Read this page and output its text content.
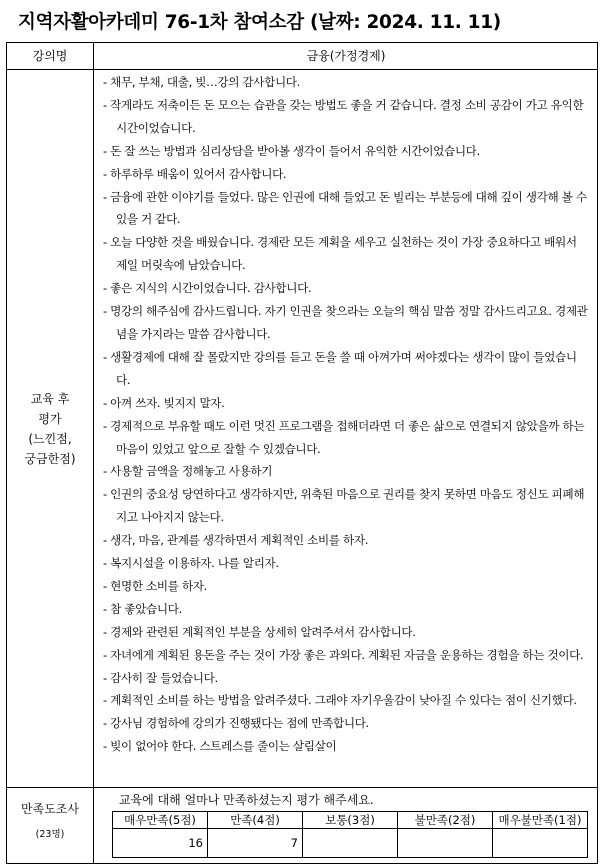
지역자활아카데미 76-1차 참여소감 (날짜: 2024. 11. 11)
강의명	금융(가정경제)
교육 후
평가
(느낀점,
궁금한점)
- 채무, 부채, 대출, 빚…강의 감사합니다.
- 작게라도 저축이든 돈 모으는 습관을 갖는 방법도 좋을 거 같습니다. 결정 소비 공감이 가고 유익한 시간이었습니다.
- 돈 잘 쓰는 방법과 심리상담을 받아볼 생각이 들어서 유익한 시간이었습니다.
- 하루하루 배움이 있어서 감사합니다.
- 금융에 관한 이야기를 들었다. 많은 인권에 대해 들었고 돈 빌리는 부분등에 대해 깊이 생각해 볼 수 있을 거 같다.
- 오늘 다양한 것을 배웠습니다. 경제란 모든 계획을 세우고 실천하는 것이 가장 중요하다고 배워서 제일 머릿속에 남았습니다.
- 좋은 지식의 시간이었습니다. 감사합니다.
- 명강의 해주심에 감사드립니다. 자기 인권을 찾으라는 오늘의 핵심 말씀 정말 감사드리고요. 경제관념을 가지라는 말씀 감사합니다.
- 생활경제에 대해 잘 몰랐지만 강의를 듣고 돈을 쓸 때 아껴가며 써야겠다는 생각이 많이 들었습니다.
- 아껴 쓰자. 빚지지 말자.
- 경제적으로 부유할 때도 이런 멋진 프로그램을 접해더라면 더 좋은 삶으로 연결되지 않았을까 하는 마음이 있었고 앞으로 잘할 수 있겠습니다.
- 사용할 금액을 정해놓고 사용하기
- 인권의 중요성 당연하다고 생각하지만, 위축된 마음으로 권리를 찾지 못하면 마음도 정신도 피폐해지고 나아지지 않는다.
- 생각, 마음, 관계를 생각하면서 계획적인 소비를 하자.
- 복지시설을 이용하자. 나를 알리자.
- 현명한 소비를 하자.
- 참 좋았습니다.
- 경제와 관련된 계획적인 부분을 상세히 알려주셔서 감사합니다.
- 자녀에게 계획된 용돈을 주는 것이 가장 좋은 과외다. 계획된 자금을 운용하는 경험을 하는 것이다.
- 감사히 잘 들었습니다.
- 계획적인 소비를 하는 방법을 알려주셨다. 그래야 자기우울감이 낮아질 수 있다는 점이 신기했다.
- 강사님 경험하에 강의가 진행됐다는 점에 만족합니다.
- 빚이 없어야 한다. 스트레스를 줄이는 살림살이
만족도조사
(23명)
교육에 대해 얼마나 만족하셨는지 평가 해주세요.
매우만족(5점)	만족(4점)	보통(3점)	불만족(2점)	매우불만족(1점)
16	7			
